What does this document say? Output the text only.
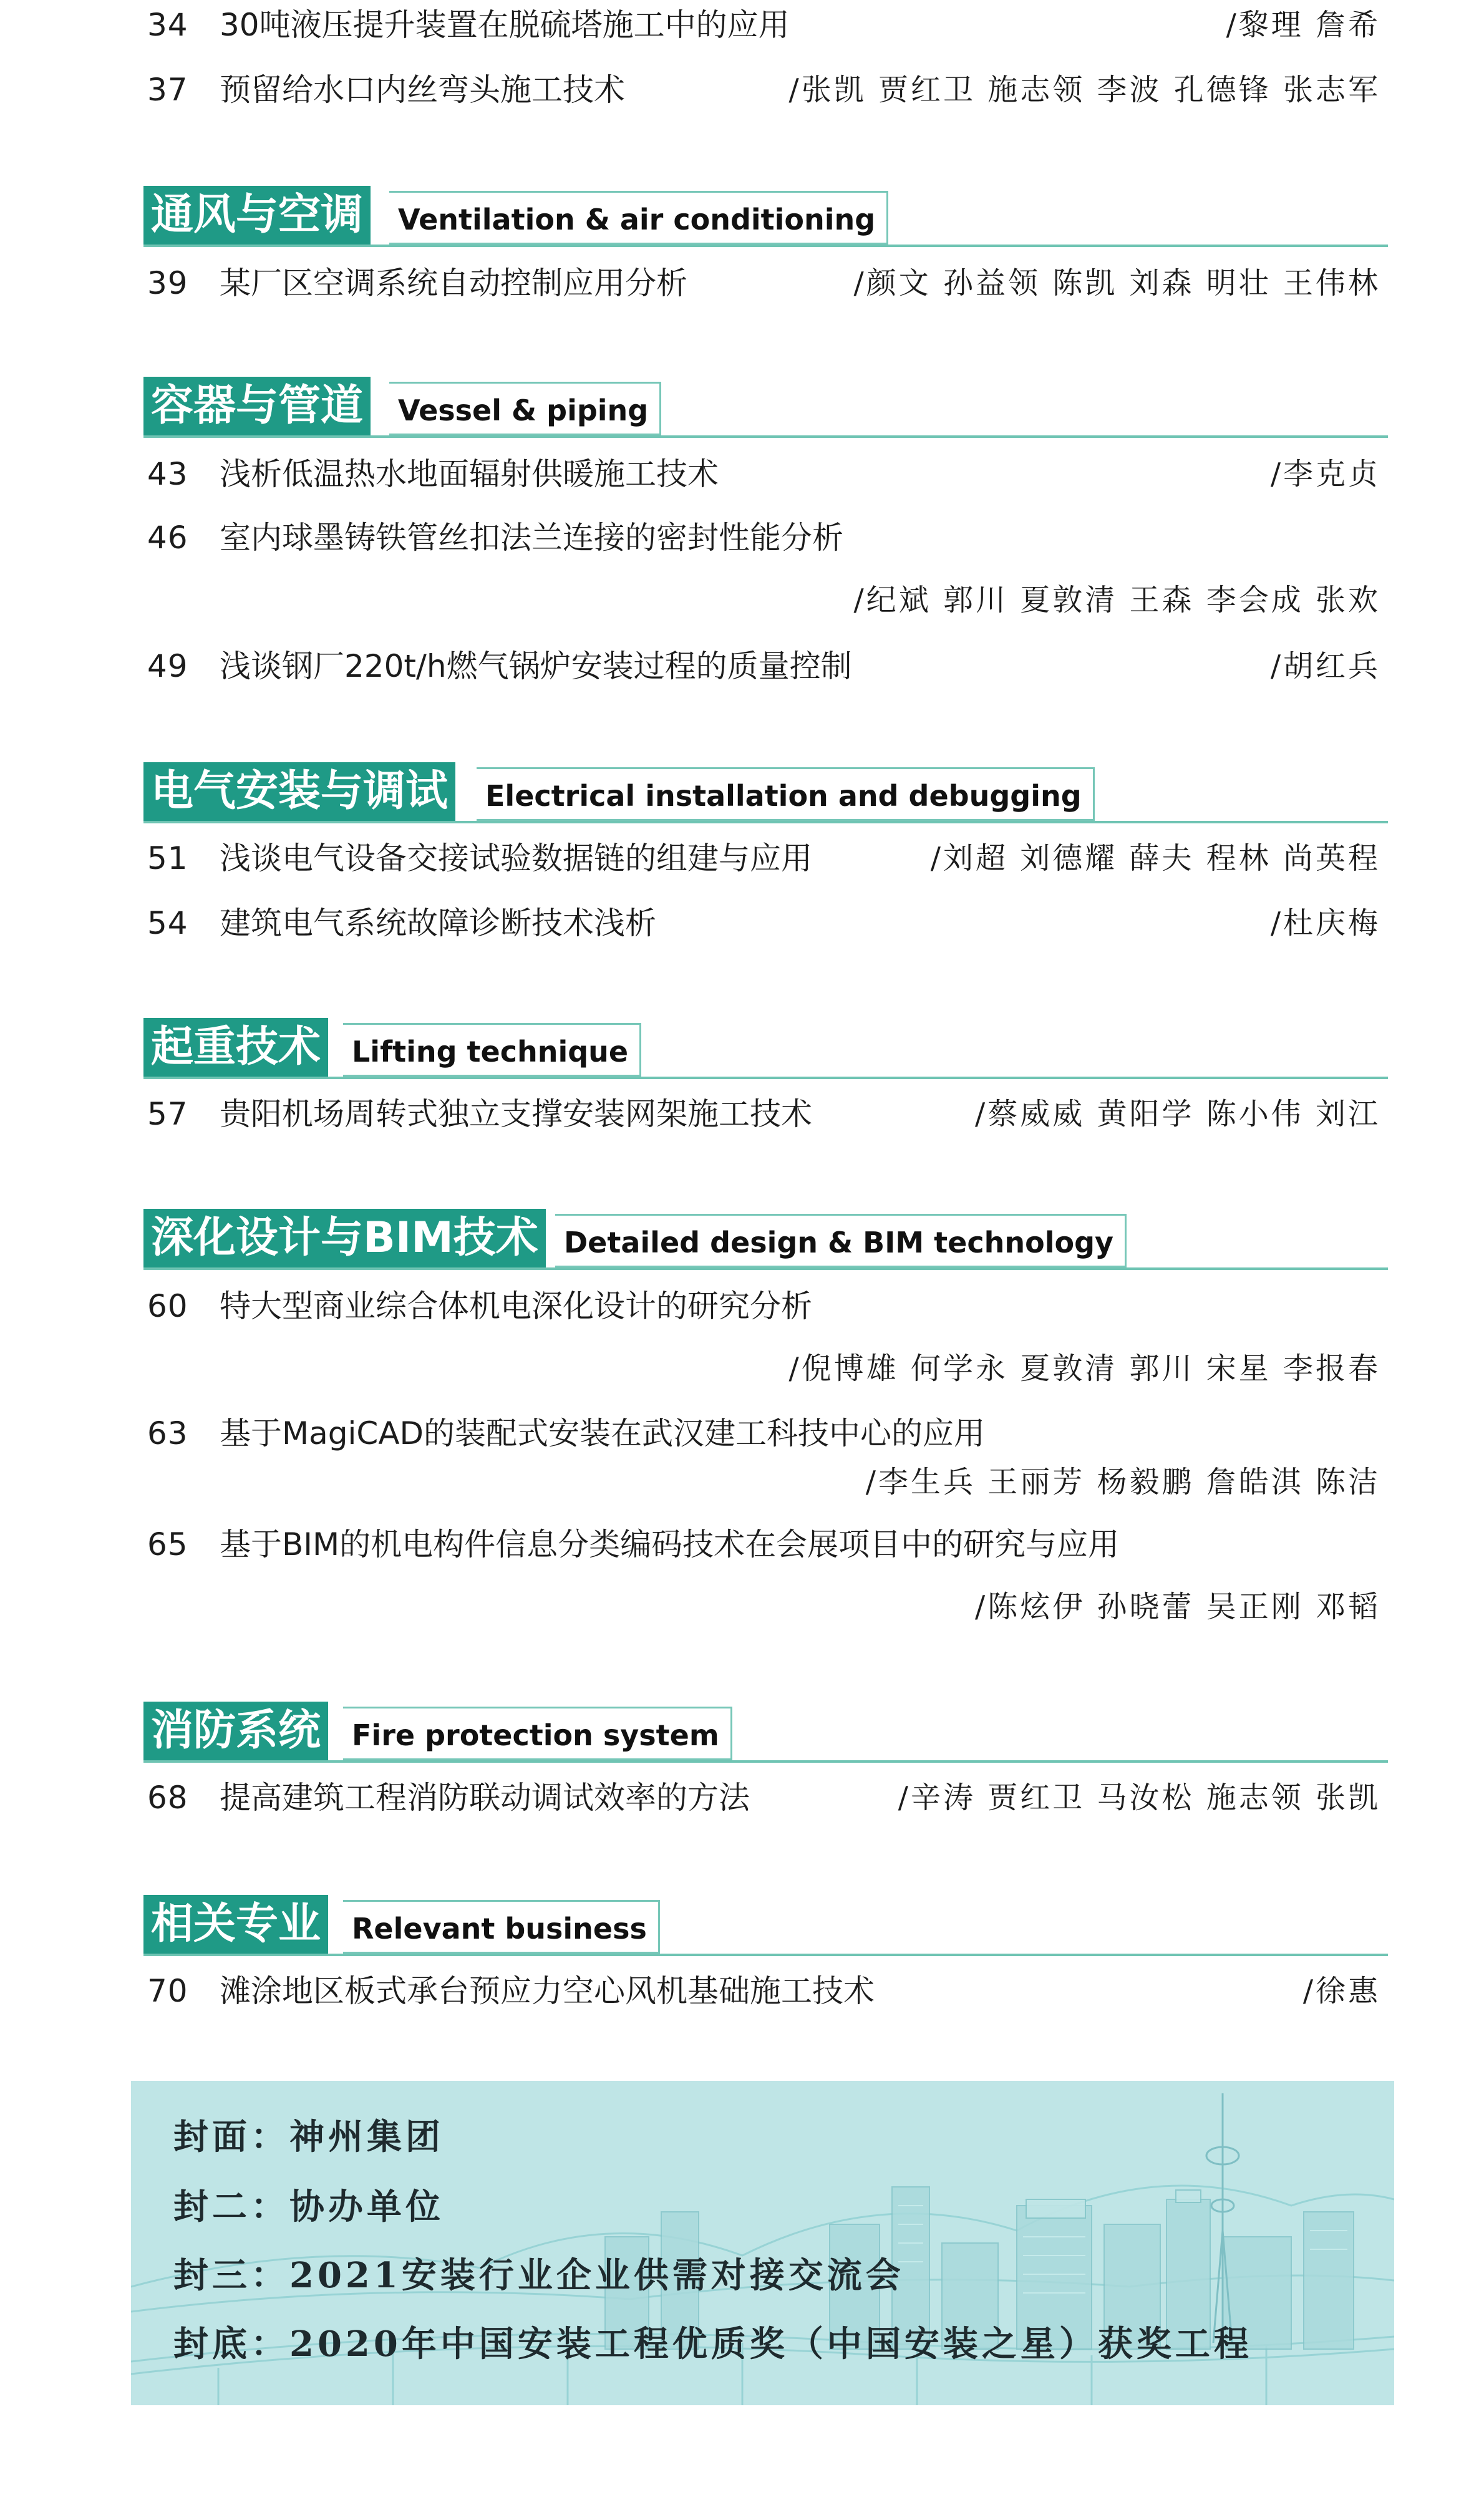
34 30吨液压提升装置在脱硫塔施工中的应用	/黎理 詹希
37 预留给水口内丝弯头施工技术	/张凯 贾红卫 施志领 李波 孔德锋 张志军
通风与空调	Ventilation & air conditioning
39 某厂区空调系统自动控制应用分析	/颜文 孙益领 陈凯 刘森 明壮 王伟林
容器与管道	Vessel & piping
43 浅析低温热水地面辐射供暖施工技术	/李克贞
46 室内球墨铸铁管丝扣法兰连接的密封性能分析
/纪斌 郭川 夏敦清 王森 李会成 张欢
49 浅谈钢厂220t/h燃气锅炉安装过程的质量控制	/胡红兵
电气安装与调试	Electrical installation and debugging
51 浅谈电气设备交接试验数据链的组建与应用	/刘超 刘德耀 薛夫 程林 尚英程
54 建筑电气系统故障诊断技术浅析	/杜庆梅
起重技术	Lifting technique
57 贵阳机场周转式独立支撑安装网架施工技术	/蔡威威 黄阳学 陈小伟 刘江
深化设计与BIM技术 Detailed design & BIM technology
60 特大型商业综合体机电深化设计的研究分析
/倪博雄 何学永 夏敦清 郭川 宋星 李报春
63 基于MagiCAD的装配式安装在武汉建工科技中心的应用
/李生兵 王丽芳 杨毅鹏 詹皓淇 陈洁
65 基于BIM的机电构件信息分类编码技术在会展项目中的研究与应用
/陈炫伊 孙晓蕾 吴正刚 邓韬
消防系统	Fire protection system
68 提高建筑工程消防联动调试效率的方法	/辛涛 贾红卫 马汝松 施志领 张凯
相关专业	Relevant business
70 滩涂地区板式承台预应力空心风机基础施工技术	/徐惠
封面：神州集团
封二：协办单位
封三：2021安装行业企业供需对接交流会
封底：2020年中国安装工程优质奖（中国安装之星）获奖工程
